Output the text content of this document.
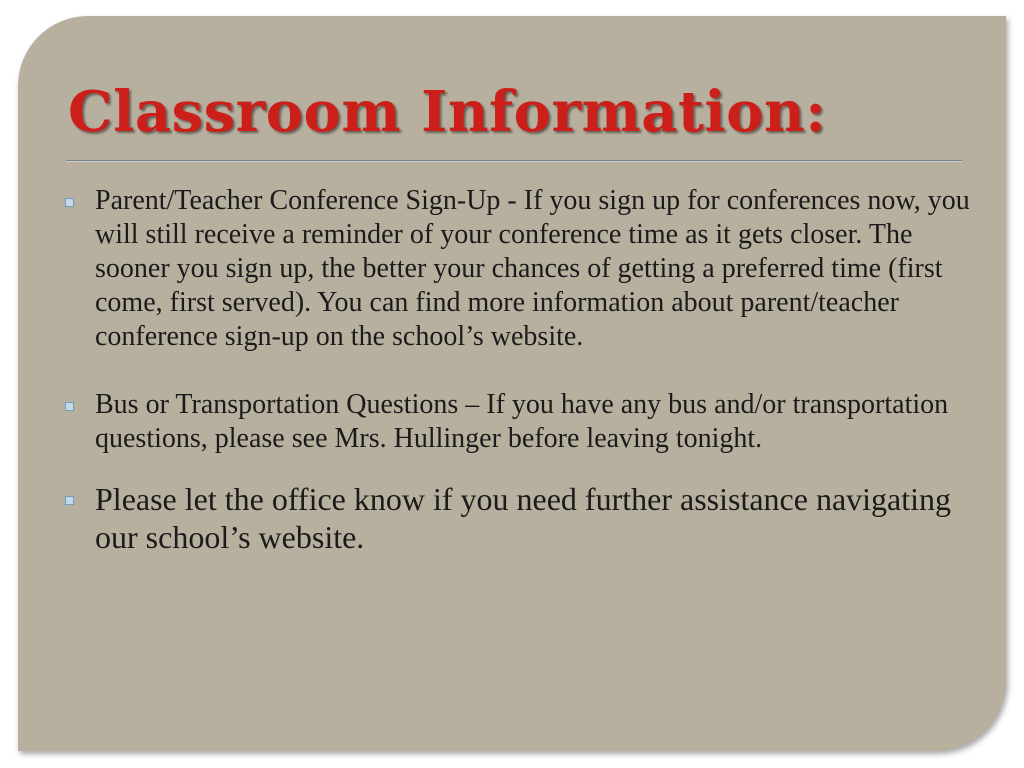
Classroom Information:
Parent/Teacher Conference Sign-Up - If you sign up for conferences now, you will still receive a reminder of your conference time as it gets closer. The sooner you sign up, the better your chances of getting a preferred time (first come, first served). You can find more information about parent/teacher conference sign-up on the school’s website.
Bus or Transportation Questions – If you have any bus and/or transportation questions, please see Mrs. Hullinger before leaving tonight.
Please let the office know if you need further assistance navigating our school’s website.
